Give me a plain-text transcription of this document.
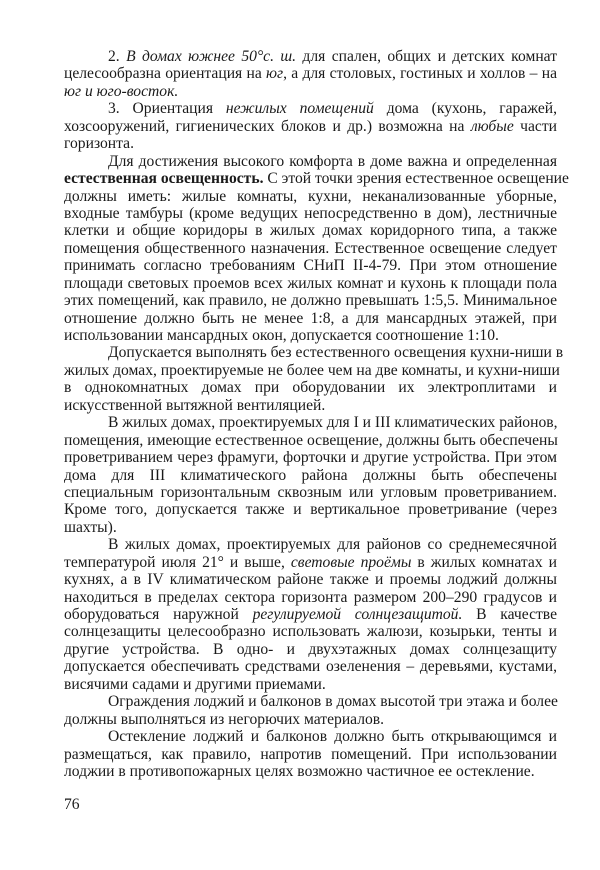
2. В домах южнее 50°с. ш. для спален, общих и детских комнат
целесообразна ориентация на юг, а для столовых, гостиных и холлов – на
юг и юго-восток.
3. Ориентация нежилых помещений дома (кухонь, гаражей,
хозсооружений, гигиенических блоков и др.) возможна на любые части
горизонта.
Для достижения высокого комфорта в доме важна и определенная
естественная освещенность. С этой точки зрения естественное освещение
должны иметь: жилые комнаты, кухни, неканализованные уборные,
входные тамбуры (кроме ведущих непосредственно в дом), лестничные
клетки и общие коридоры в жилых домах коридорного типа, а также
помещения общественного назначения. Естественное освещение следует
принимать согласно требованиям СНиП II-4-79. При этом отношение
площади световых проемов всех жилых комнат и кухонь к площади пола
этих помещений, как правило, не должно превышать 1:5,5. Минимальное
отношение должно быть не менее 1:8, а для мансардных этажей, при
использовании мансардных окон, допускается соотношение 1:10.
Допускается выполнять без естественного освещения кухни-ниши в
жилых домах, проектируемые не более чем на две комнаты, и кухни-ниши
в однокомнатных домах при оборудовании их электроплитами и
искусственной вытяжной вентиляцией.
В жилых домах, проектируемых для I и III климатических районов,
помещения, имеющие естественное освещение, должны быть обеспечены
проветриванием через фрамуги, форточки и другие устройства. При этом
дома для III климатического района должны быть обеспечены
специальным горизонтальным сквозным или угловым проветриванием.
Кроме того, допускается также и вертикальное проветривание (через
шахты).
В жилых домах, проектируемых для районов со среднемесячной
температурой июля 21° и выше, световые проёмы в жилых комнатах и
кухнях, а в IV климатическом районе также и проемы лоджий должны
находиться в пределах сектора горизонта размером 200–290 градусов и
оборудоваться наружной регулируемой солнцезащитой. В качестве
солнцезащиты целесообразно использовать жалюзи, козырьки, тенты и
другие устройства. В одно- и двухэтажных домах солнцезащиту
допускается обеспечивать средствами озеленения – деревьями, кустами,
висячими садами и другими приемами.
Ограждения лоджий и балконов в домах высотой три этажа и более
должны выполняться из негорючих материалов.
Остекление лоджий и балконов должно быть открывающимся и
размещаться, как правило, напротив помещений. При использовании
лоджии в противопожарных целях возможно частичное ее остекление.
76
